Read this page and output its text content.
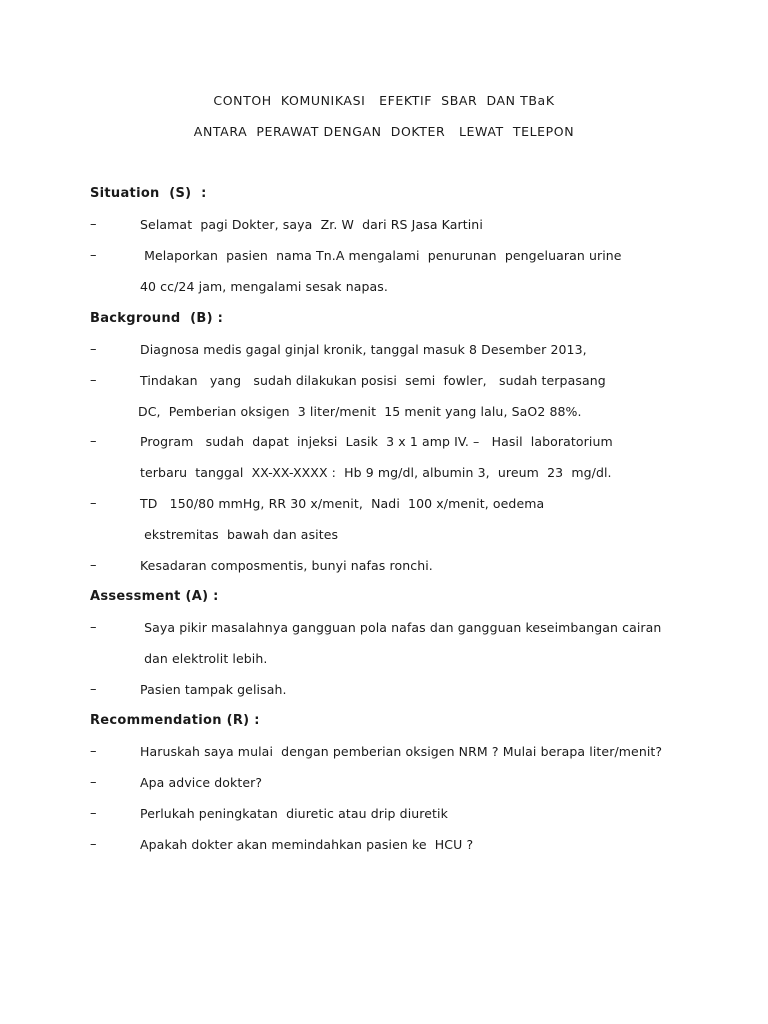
CONTOH  KOMUNIKASI   EFEKTIF  SBAR  DAN TBaK
ANTARA  PERAWAT DENGAN  DOKTER   LEWAT  TELEPON
Situation  (S)  :
–	Selamat  pagi Dokter, saya  Zr. W  dari RS Jasa Kartini
–	Melaporkan  pasien  nama Tn.A mengalami  penurunan  pengeluaran urine
40 cc/24 jam, mengalami sesak napas.
Background  (B) :
–	Diagnosa medis gagal ginjal kronik, tanggal masuk 8 Desember 2013,
–	Tindakan   yang   sudah dilakukan posisi  semi  fowler,   sudah terpasang
DC,  Pemberian oksigen  3 liter/menit  15 menit yang lalu, SaO2 88%.
–	Program   sudah  dapat  injeksi  Lasik  3 x 1 amp IV. –   Hasil  laboratorium
terbaru  tanggal  XX-XX-XXXX :  Hb 9 mg/dl, albumin 3,  ureum  23  mg/dl.
–	TD   150/80 mmHg, RR 30 x/menit,  Nadi  100 x/menit, oedema
ekstremitas  bawah dan asites
–	Kesadaran composmentis, bunyi nafas ronchi.
Assessment (A) :
–	Saya pikir masalahnya gangguan pola nafas dan gangguan keseimbangan cairan
dan elektrolit lebih.
–	Pasien tampak gelisah.
Recommendation (R) :
–	Haruskah saya mulai  dengan pemberian oksigen NRM ? Mulai berapa liter/menit?
–	Apa advice dokter?
–	Perlukah peningkatan  diuretic atau drip diuretik
–	Apakah dokter akan memindahkan pasien ke  HCU ?
